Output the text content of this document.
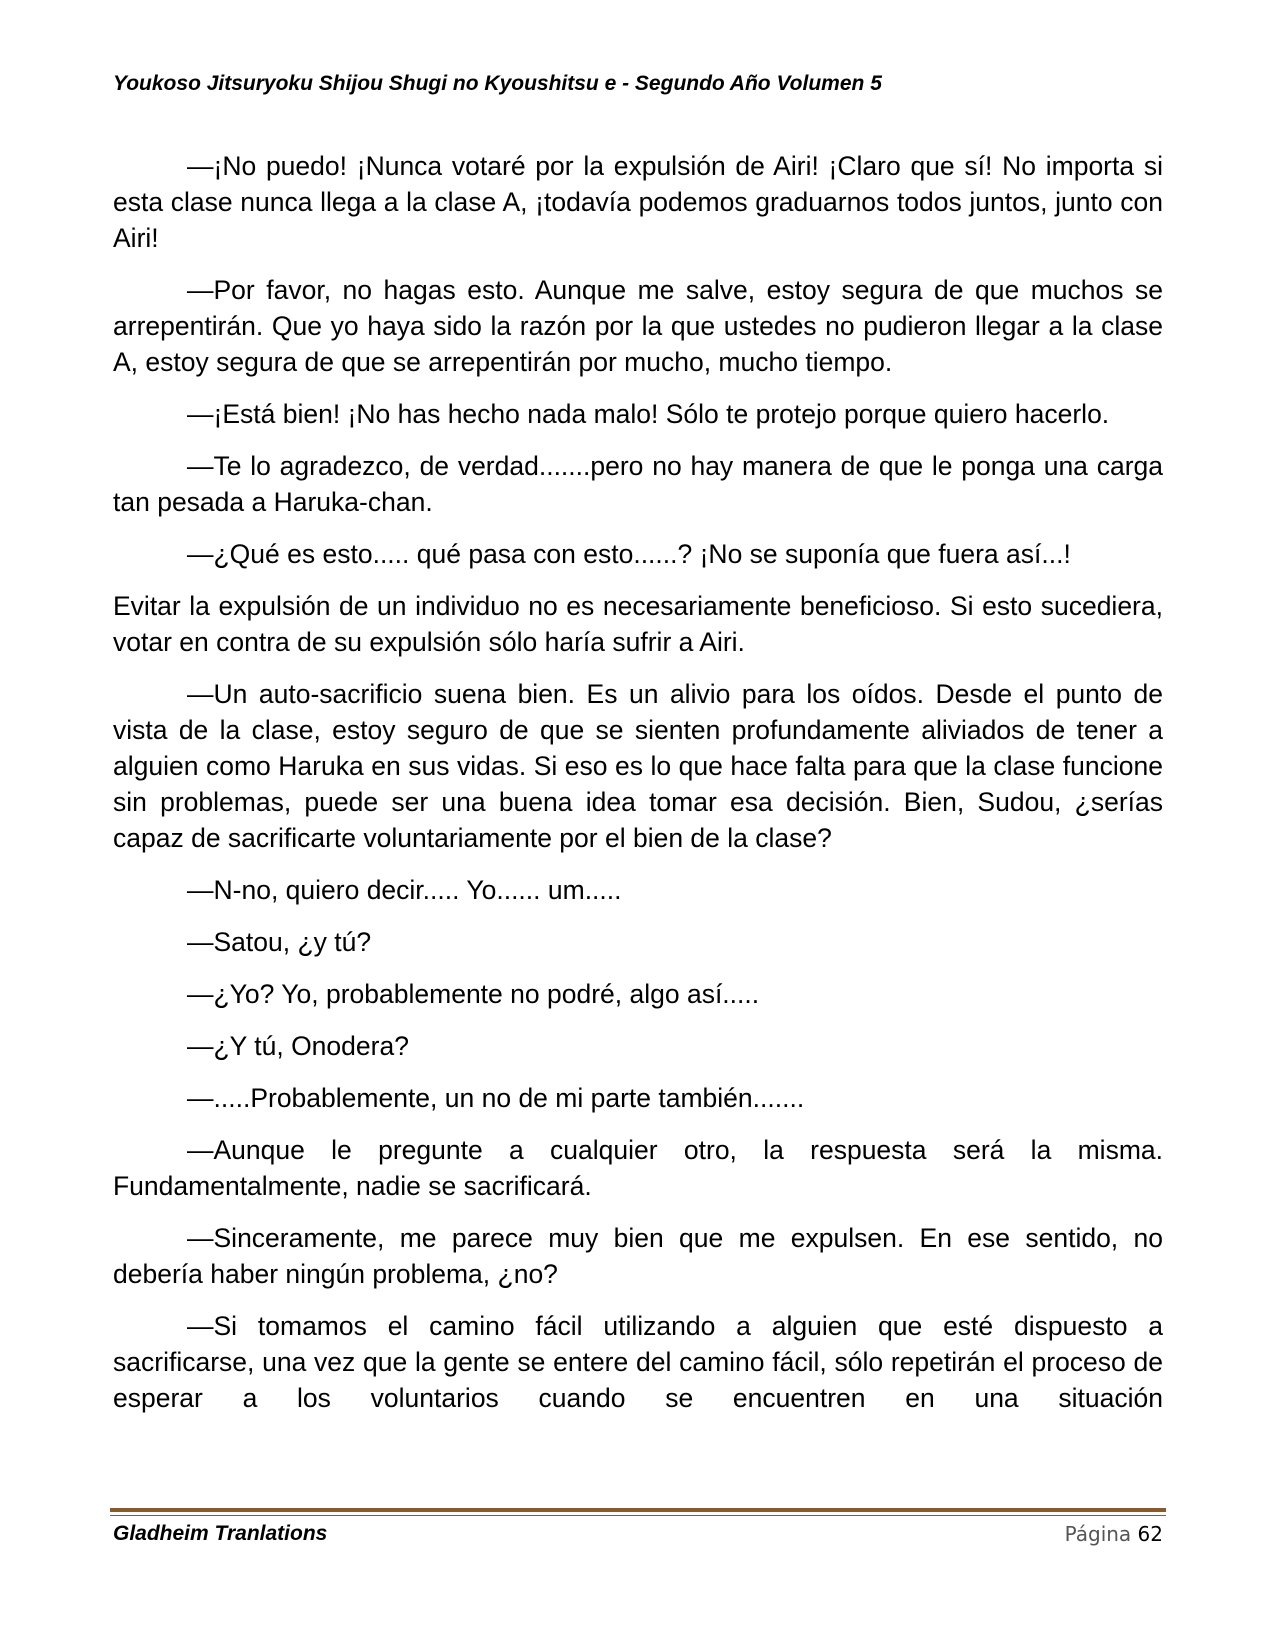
Youkoso Jitsuryoku Shijou Shugi no Kyoushitsu e - Segundo Año Volumen 5

—¡No puedo! ¡Nunca votaré por la expulsión de Airi! ¡Claro que sí! No importa si esta clase nunca llega a la clase A, ¡todavía podemos graduarnos todos juntos, junto con Airi!

—Por favor, no hagas esto. Aunque me salve, estoy segura de que muchos se arrepentirán. Que yo haya sido la razón por la que ustedes no pudieron llegar a la clase A, estoy segura de que se arrepentirán por mucho, mucho tiempo.

—¡Está bien! ¡No has hecho nada malo! Sólo te protejo porque quiero hacerlo.

—Te lo agradezco, de verdad.......pero no hay manera de que le ponga una carga tan pesada a Haruka-chan.

—¿Qué es esto..... qué pasa con esto......? ¡No se suponía que fuera así...!

Evitar la expulsión de un individuo no es necesariamente beneficioso. Si esto sucediera, votar en contra de su expulsión sólo haría sufrir a Airi.

—Un auto-sacrificio suena bien. Es un alivio para los oídos. Desde el punto de vista de la clase, estoy seguro de que se sienten profundamente aliviados de tener a alguien como Haruka en sus vidas. Si eso es lo que hace falta para que la clase funcione sin problemas, puede ser una buena idea tomar esa decisión. Bien, Sudou, ¿serías capaz de sacrificarte voluntariamente por el bien de la clase?

—N-no, quiero decir..... Yo...... um.....

—Satou, ¿y tú?

—¿Yo? Yo, probablemente no podré, algo así.....

—¿Y tú, Onodera?

—.....Probablemente, un no de mi parte también.......

—Aunque le pregunte a cualquier otro, la respuesta será la misma. Fundamentalmente, nadie se sacrificará.

—Sinceramente, me parece muy bien que me expulsen. En ese sentido, no debería haber ningún problema, ¿no?

—Si tomamos el camino fácil utilizando a alguien que esté dispuesto a sacrificarse, una vez que la gente se entere del camino fácil, sólo repetirán el proceso de esperar a los voluntarios cuando se encuentren en una situación

Gladheim Tranlations	Página 62
